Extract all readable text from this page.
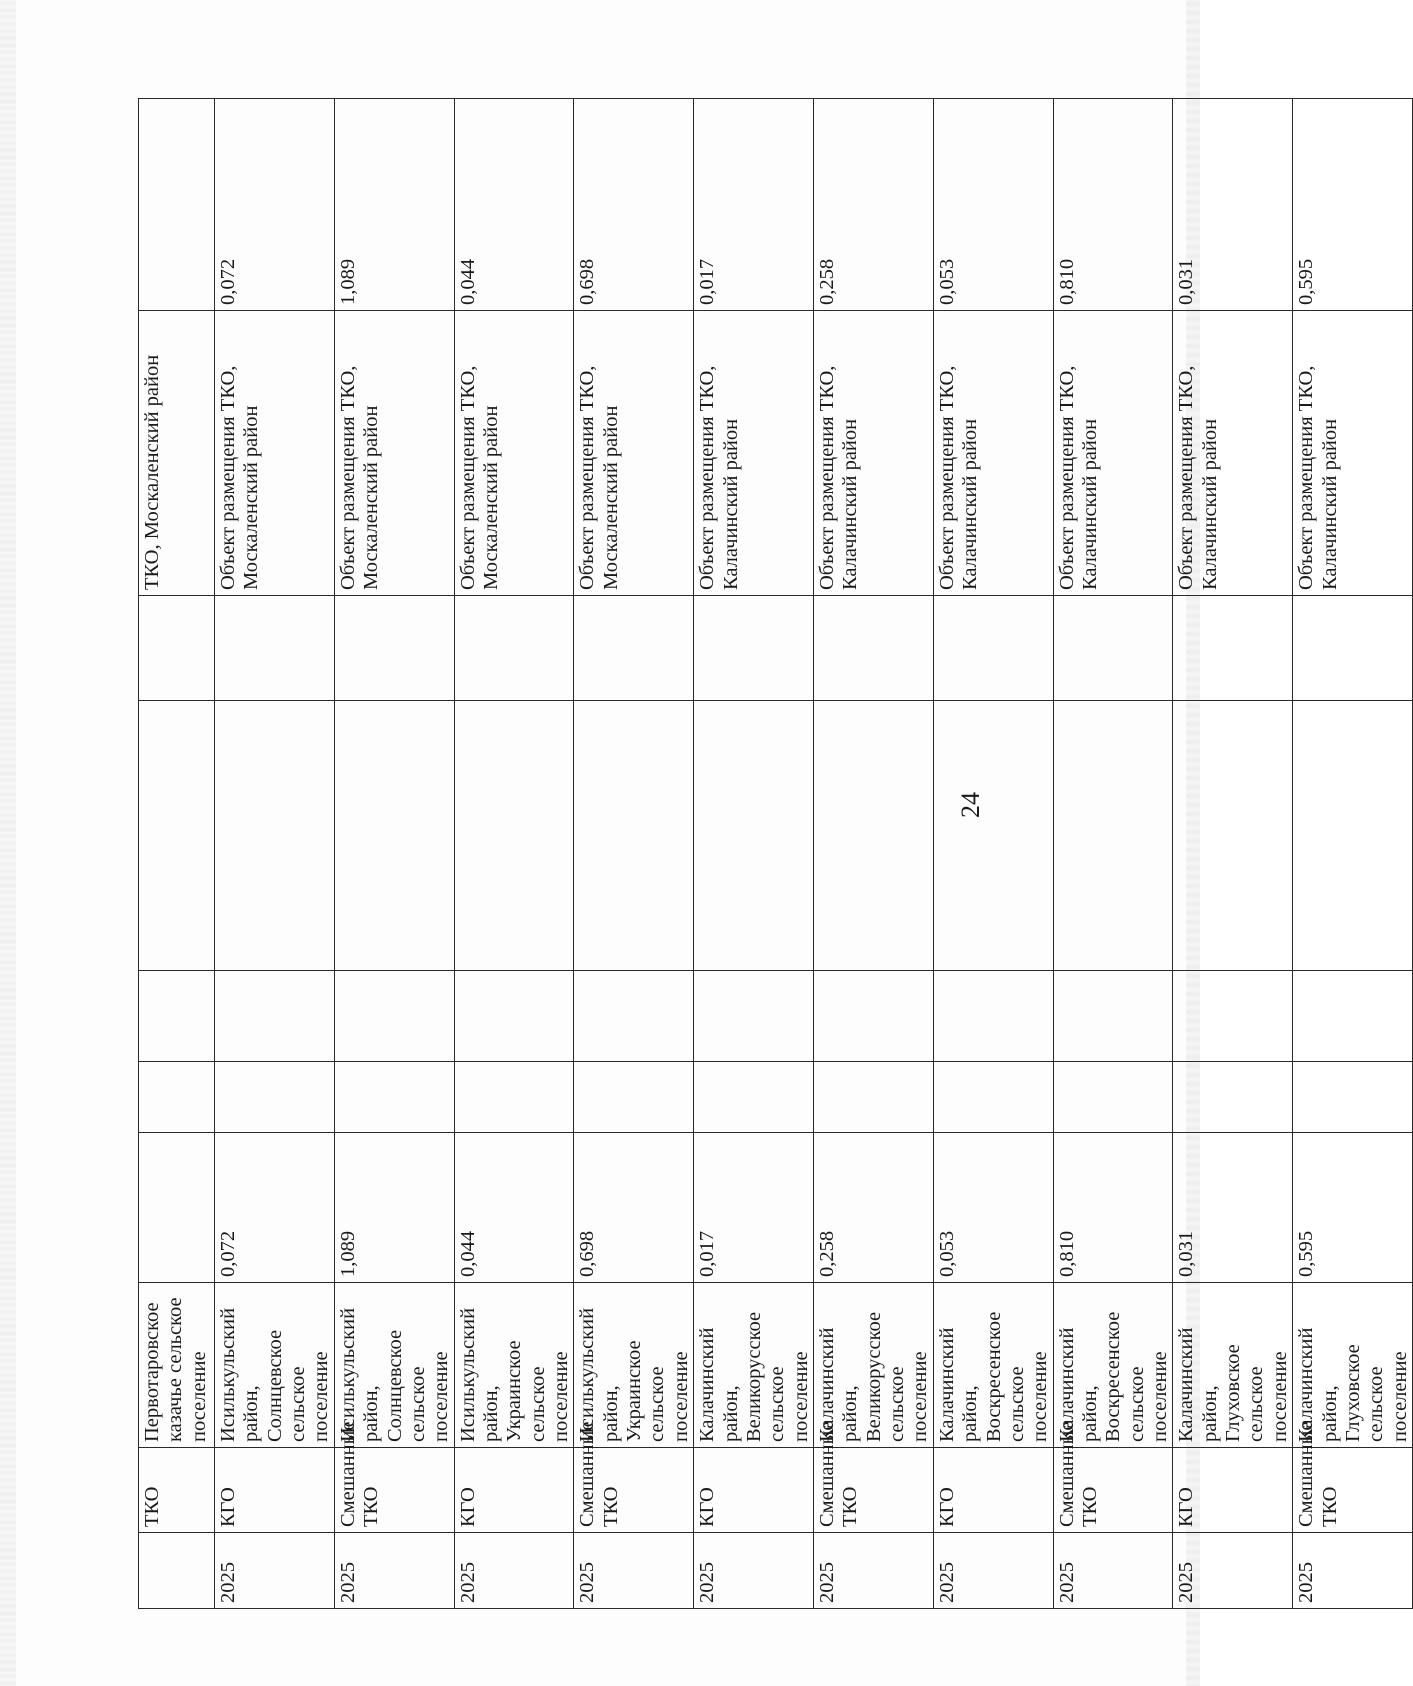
24
	ТКО	Первотаровское казачье сельское поселение						ТКО, Москаленский район	
2025	КГО	Исилькульский район, Солнцевское сельское поселение	0,072					Объект размещения ТКО, Москаленский район	0,072
2025	Смешанные ТКО	Исилькульский район, Солнцевское сельское поселение	1,089					Объект размещения ТКО, Москаленский район	1,089
2025	КГО	Исилькульский район, Украинское сельское поселение	0,044					Объект размещения ТКО, Москаленский район	0,044
2025	Смешанные ТКО	Исилькульский район, Украинское сельское поселение	0,698					Объект размещения ТКО, Москаленский район	0,698
2025	КГО	Калачинский район, Великорусское сельское поселение	0,017					Объект размещения ТКО, Калачинский район	0,017
2025	Смешанные ТКО	Калачинский район, Великорусское сельское поселение	0,258					Объект размещения ТКО, Калачинский район	0,258
2025	КГО	Калачинский район, Воскресенское сельское поселение	0,053					Объект размещения ТКО, Калачинский район	0,053
2025	Смешанные ТКО	Калачинский район, Воскресенское сельское поселение	0,810					Объект размещения ТКО, Калачинский район	0,810
2025	КГО	Калачинский район, Глуховское сельское поселение	0,031					Объект размещения ТКО, Калачинский район	0,031
2025	Смешанные ТКО	Калачинский район, Глуховское сельское поселение	0,595					Объект размещения ТКО, Калачинский район	0,595
